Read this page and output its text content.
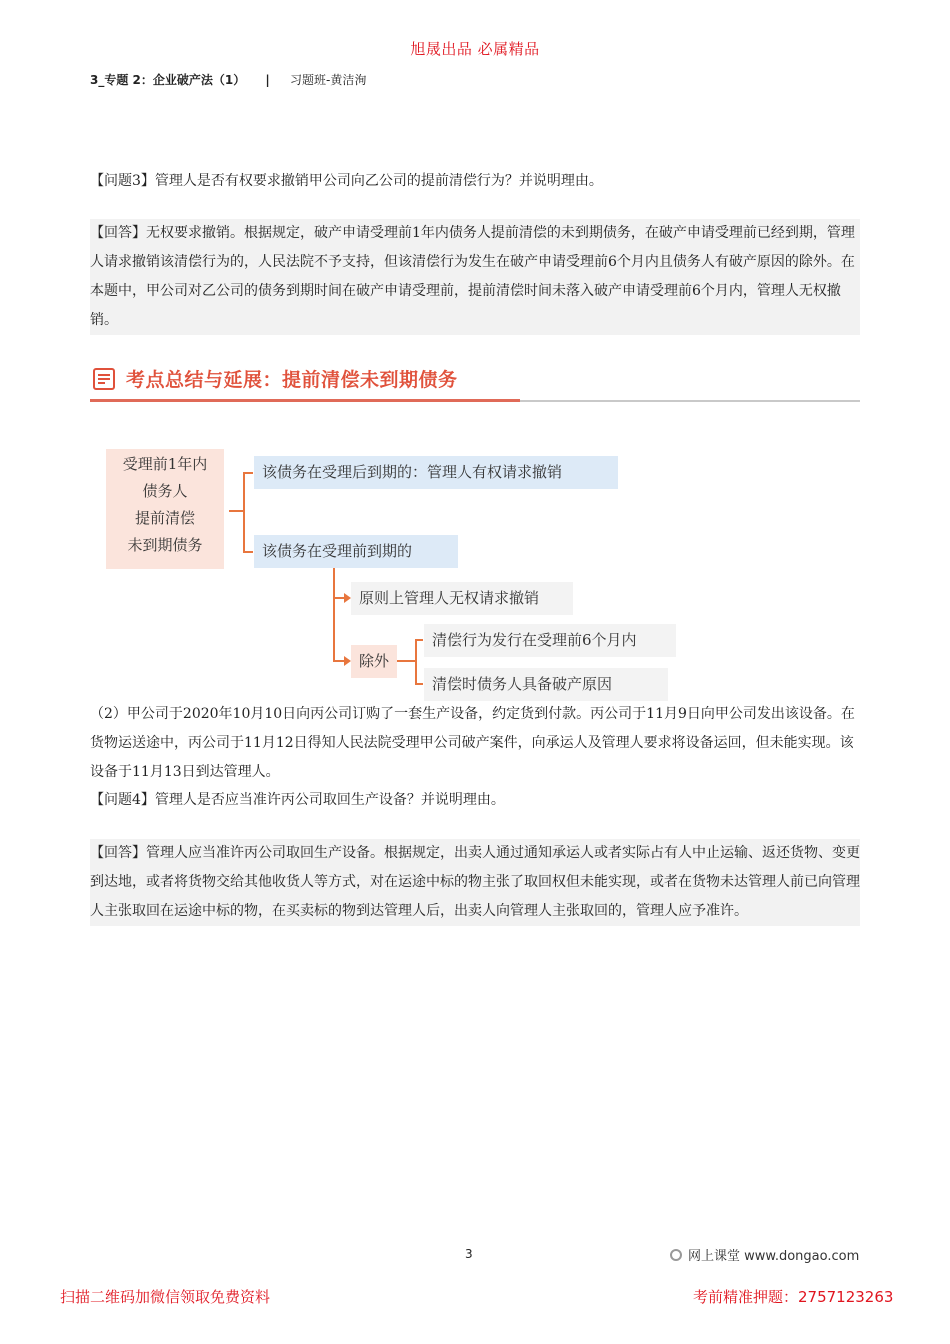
旭晟出品 必属精品
3_专题 2：企业破产法（1） | 习题班-黄洁洵
【问题3】管理人是否有权要求撤销甲公司向乙公司的提前清偿行为？并说明理由。
【回答】无权要求撤销。根据规定，破产申请受理前1年内债务人提前清偿的未到期债务，在破产申请受理前已经到期，管理人请求撤销该清偿行为的，人民法院不予支持，但该清偿行为发生在破产申请受理前6个月内且债务人有破产原因的除外。在本题中，甲公司对乙公司的债务到期时间在破产申请受理前，提前清偿时间未落入破产申请受理前6个月内，管理人无权撤销。
考点总结与延展：提前清偿未到期债务
受理前1年内
债务人
提前清偿
未到期债务
该债务在受理后到期的：管理人有权请求撤销
该债务在受理前到期的
原则上管理人无权请求撤销
除外
清偿行为发行在受理前6个月内
清偿时债务人具备破产原因
（2）甲公司于2020年10月10日向丙公司订购了一套生产设备，约定货到付款。丙公司于11月9日向甲公司发出该设备。在货物运送途中，丙公司于11月12日得知人民法院受理甲公司破产案件，向承运人及管理人要求将设备运回，但未能实现。该设备于11月13日到达管理人。
【问题4】管理人是否应当准许丙公司取回生产设备？并说明理由。
【回答】管理人应当准许丙公司取回生产设备。根据规定，出卖人通过通知承运人或者实际占有人中止运输、返还货物、变更到达地，或者将货物交给其他收货人等方式，对在运途中标的物主张了取回权但未能实现，或者在货物未达管理人前已向管理人主张取回在运途中标的物，在买卖标的物到达管理人后，出卖人向管理人主张取回的，管理人应予准许。
3	网上课堂 www.dongao.com
扫描二维码加微信领取免费资料	考前精准押题：2757123263
